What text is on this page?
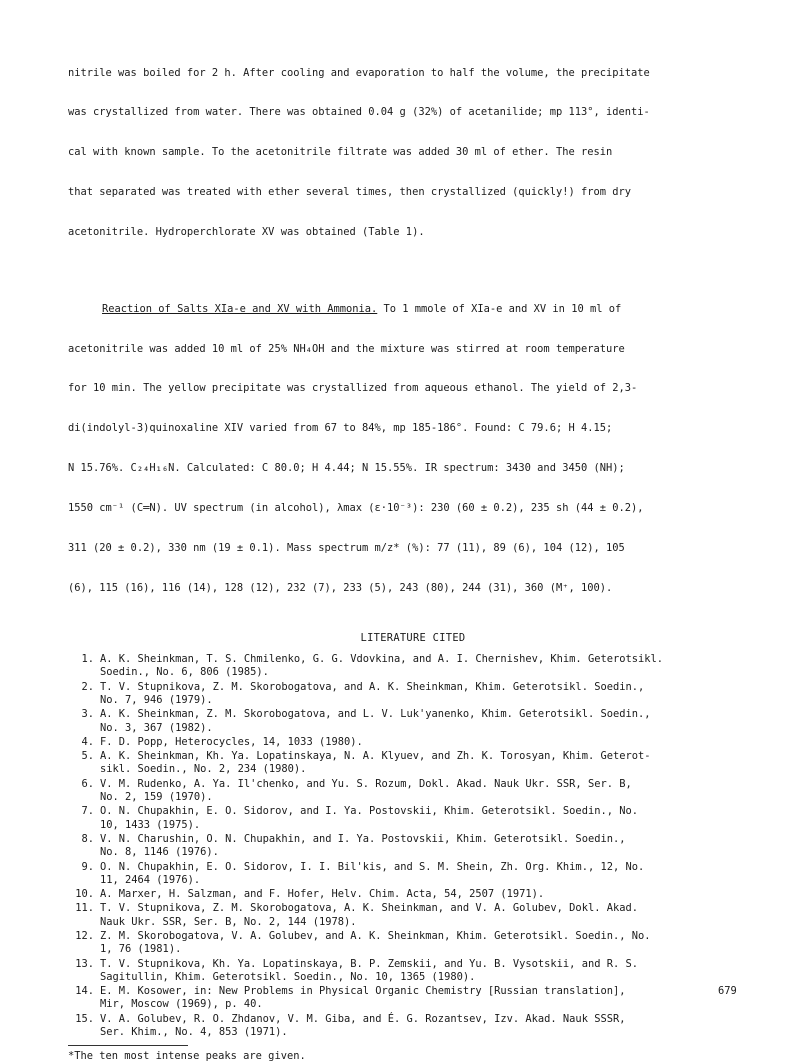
nitrile was boiled for 2 h. After cooling and evaporation to half the volume, the precipitate

was crystallized from water. There was obtained 0.04 g (32%) of acetanilide; mp 113°, identi-

cal with known sample. To the acetonitrile filtrate was added 30 ml of ether. The resin

that separated was treated with ether several times, then crystallized (quickly!) from dry

acetonitrile. Hydroperchlorate XV was obtained (Table 1).

Reaction of Salts XIa-e and XV with Ammonia. To 1 mmole of XIa-e and XV in 10 ml of

acetonitrile was added 10 ml of 25% NH₄OH and the mixture was stirred at room temperature

for 10 min. The yellow precipitate was crystallized from aqueous ethanol. The yield of 2,3-

di(indolyl-3)quinoxaline XIV varied from 67 to 84%, mp 185-186°. Found: C 79.6; H 4.15;

N 15.76%. C₂₄H₁₆N. Calculated: C 80.0; H 4.44; N 15.55%. IR spectrum: 3430 and 3450 (NH);

1550 cm⁻¹ (C═N). UV spectrum (in alcohol), λmax (ε·10⁻³): 230 (60 ± 0.2), 235 sh (44 ± 0.2),

311 (20 ± 0.2), 330 nm (19 ± 0.1). Mass spectrum m/z* (%): 77 (11), 89 (6), 104 (12), 105

(6), 115 (16), 116 (14), 128 (12), 232 (7), 233 (5), 243 (80), 244 (31), 360 (M⁺, 100).

LITERATURE CITED
1. A. K. Sheinkman, T. S. Chmilenko, G. G. Vdovkina, and A. I. Chernishev, Khim. Geterotsikl.
Soedin., No. 6, 806 (1985).
2. T. V. Stupnikova, Z. M. Skorobogatova, and A. K. Sheinkman, Khim. Geterotsikl. Soedin.,
No. 7, 946 (1979).
3. A. K. Sheinkman, Z. M. Skorobogatova, and L. V. Luk'yanenko, Khim. Geterotsikl. Soedin.,
No. 3, 367 (1982).
4. F. D. Popp, Heterocycles, 14, 1033 (1980).
5. A. K. Sheinkman, Kh. Ya. Lopatinskaya, N. A. Klyuev, and Zh. K. Torosyan, Khim. Geterot-
sikl. Soedin., No. 2, 234 (1980).
6. V. M. Rudenko, A. Ya. Il'chenko, and Yu. S. Rozum, Dokl. Akad. Nauk Ukr. SSR, Ser. B,
No. 2, 159 (1970).
7. O. N. Chupakhin, E. O. Sidorov, and I. Ya. Postovskii, Khim. Geterotsikl. Soedin., No.
10, 1433 (1975).
8. V. N. Charushin, O. N. Chupakhin, and I. Ya. Postovskii, Khim. Geterotsikl. Soedin.,
No. 8, 1146 (1976).
9. O. N. Chupakhin, E. O. Sidorov, I. I. Bil'kis, and S. M. Shein, Zh. Org. Khim., 12, No.
11, 2464 (1976).
10. A. Marxer, H. Salzman, and F. Hofer, Helv. Chim. Acta, 54, 2507 (1971).
11. T. V. Stupnikova, Z. M. Skorobogatova, A. K. Sheinkman, and V. A. Golubev, Dokl. Akad.
Nauk Ukr. SSR, Ser. B, No. 2, 144 (1978).
12. Z. M. Skorobogatova, V. A. Golubev, and A. K. Sheinkman, Khim. Geterotsikl. Soedin., No.
1, 76 (1981).
13. T. V. Stupnikova, Kh. Ya. Lopatinskaya, B. P. Zemskii, and Yu. B. Vysotskii, and R. S.
Sagitullin, Khim. Geterotsikl. Soedin., No. 10, 1365 (1980).
14. E. M. Kosower, in: New Problems in Physical Organic Chemistry [Russian translation],
Mir, Moscow (1969), p. 40.
15. V. A. Golubev, R. O. Zhdanov, V. M. Giba, and É. G. Rozantsev, Izv. Akad. Nauk SSSR,
Ser. Khim., No. 4, 853 (1971).

*The ten most intense peaks are given.

679
